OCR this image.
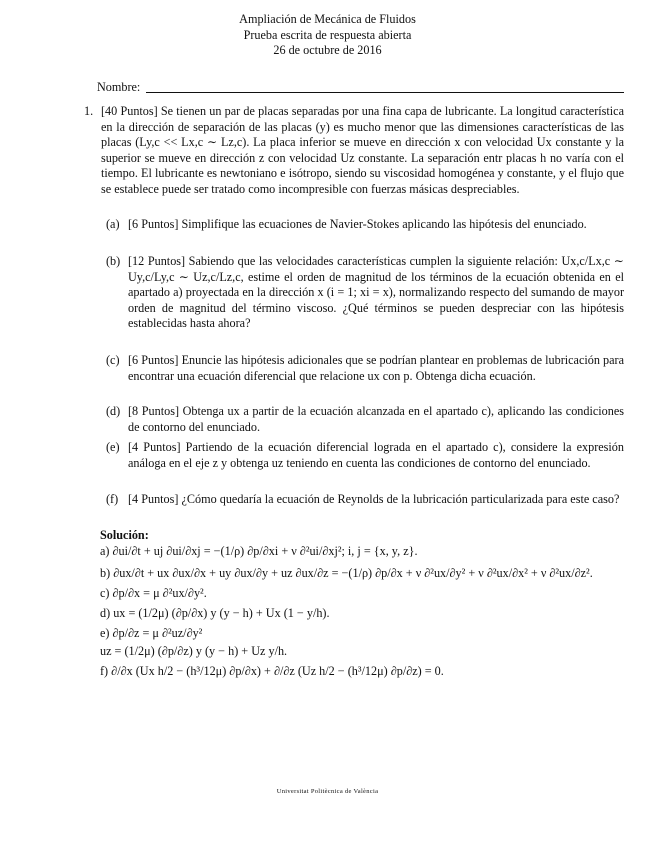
Ampliación de Mecánica de Fluidos
Prueba escrita de respuesta abierta
26 de octubre de 2016
Nombre:
1. [40 Puntos] Se tienen un par de placas separadas por una fina capa de lubricante. La longitud característica en la dirección de separación de las placas (y) es mucho menor que las dimensiones características de las placas (Ly,c << Lx,c ∼ Lz,c). La placa inferior se mueve en dirección x con velocidad Ux constante y la superior se mueve en dirección z con velocidad Uz constante. La separación entr placas h no varía con el tiempo. El lubricante es newtoniano e isótropo, siendo su viscosidad homogénea y constante, y el flujo que se establece puede ser tratado como incompresible con fuerzas másicas despreciables.
(a) [6 Puntos] Simplifique las ecuaciones de Navier-Stokes aplicando las hipótesis del enunciado.
(b) [12 Puntos] Sabiendo que las velocidades características cumplen la siguiente relación: Ux,c/Lx,c ∼ Uy,c/Ly,c ∼ Uz,c/Lz,c, estime el orden de magnitud de los términos de la ecuación obtenida en el apartado a) proyectada en la dirección x (i = 1; xi = x), normalizando respecto del sumando de mayor orden de magnitud del término viscoso. ¿Qué términos se pueden despreciar con las hipótesis establecidas hasta ahora?
(c) [6 Puntos] Enuncie las hipótesis adicionales que se podrían plantear en problemas de lubricación para encontrar una ecuación diferencial que relacione ux con p. Obtenga dicha ecuación.
(d) [8 Puntos] Obtenga ux a partir de la ecuación alcanzada en el apartado c), aplicando las condiciones de contorno del enunciado.
(e) [4 Puntos] Partiendo de la ecuación diferencial lograda en el apartado c), considere la expresión análoga en el eje z y obtenga uz teniendo en cuenta las condiciones de contorno del enunciado.
(f) [4 Puntos] ¿Cómo quedaría la ecuación de Reynolds de la lubricación particularizada para este caso?
Solución:
a) ∂ui/∂t + uj ∂ui/∂xj = −(1/ρ) ∂p/∂xi + ν ∂²ui/∂xj²; i, j = {x, y, z}.
b) ∂ux/∂t + ux ∂ux/∂x + uy ∂ux/∂y + uz ∂ux/∂z = −(1/ρ) ∂p/∂x + ν ∂²ux/∂y² + ν ∂²ux/∂x² + ν ∂²ux/∂z².
c) ∂p/∂x = μ ∂²ux/∂y².
d) ux = (1/2μ) (∂p/∂x) y (y − h) + Ux (1 − y/h).
e) ∂p/∂z = μ ∂²uz/∂y²
uz = (1/2μ) (∂p/∂z) y (y − h) + Uz y/h.
f) ∂/∂x (Ux h/2 − (h³/12μ) ∂p/∂x) + ∂/∂z (Uz h/2 − (h³/12μ) ∂p/∂z) = 0.
Universitat Politècnica de València
